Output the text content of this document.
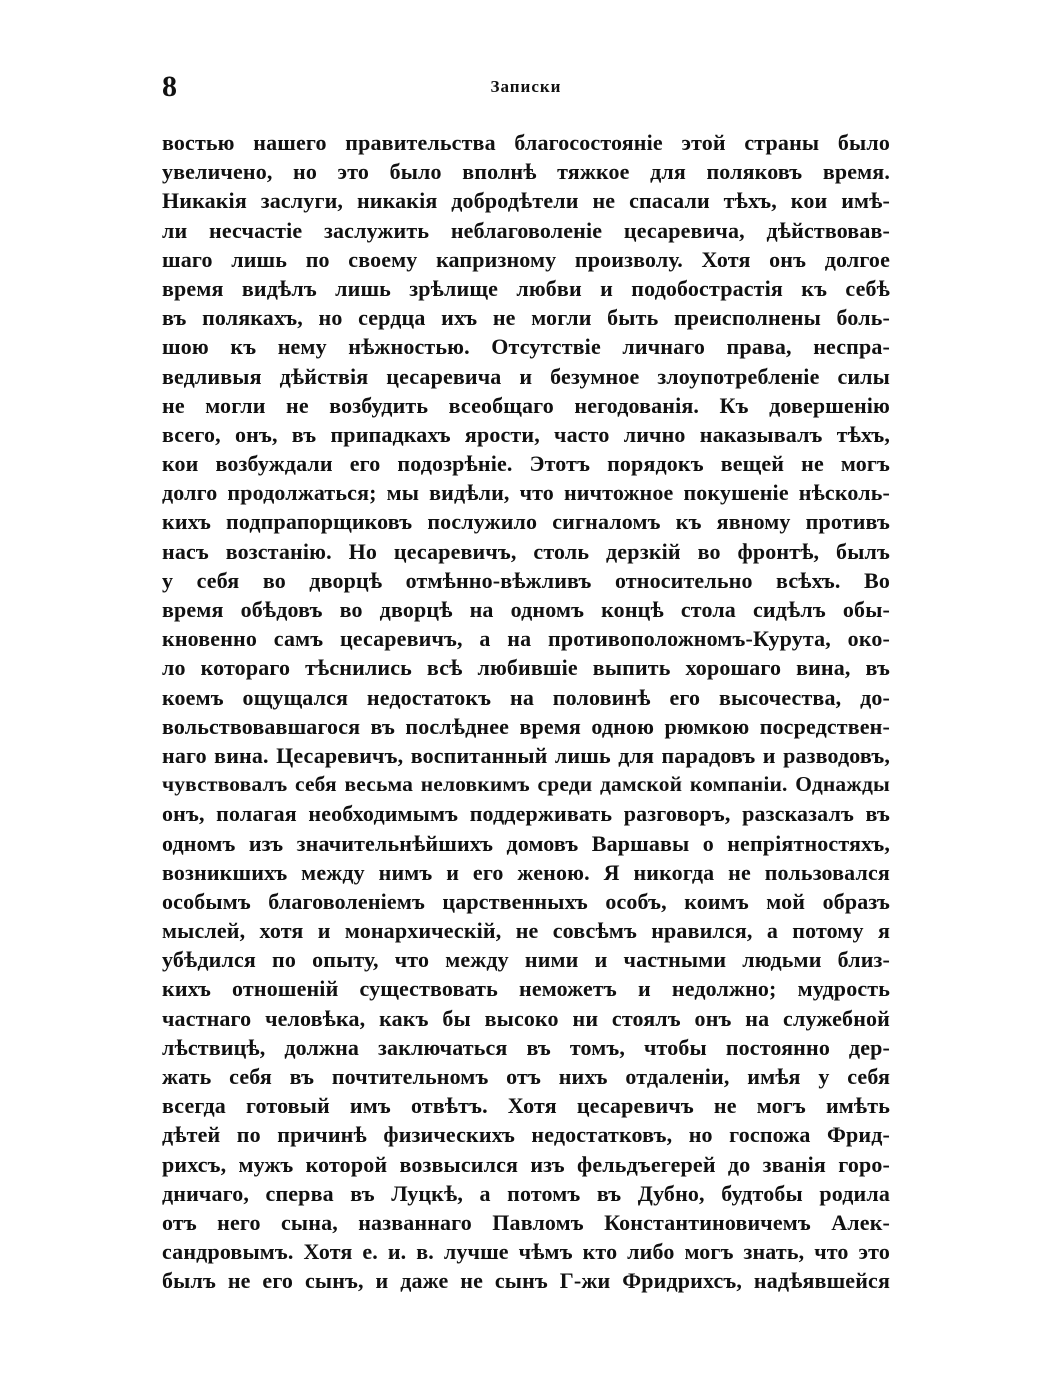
8	Записки
востью нашего правительства благосостояніе этой страны было
увеличено, но это было вполнѣ тяжкое для поляковъ время.
Никакія заслуги, никакія добродѣтели не спасали тѣхъ, кои имѣ-
ли несчастіе заслужить неблаговоленіе цесаревича, дѣйствовав-
шаго лишь по своему капризному произволу. Хотя онъ долгое
время видѣлъ лишь зрѣлище любви и подобострастія къ себѣ
въ полякахъ, но сердца ихъ не могли быть преисполнены боль-
шою къ нему нѣжностью. Отсутствіе личнаго права, неспра-
ведливыя дѣйствія цесаревича и безумное злоупотребленіе силы
не могли не возбудить всеобщаго негодованія. Къ довершенію
всего, онъ, въ припадкахъ ярости, часто лично наказывалъ тѣхъ,
кои возбуждали его подозрѣніе. Этотъ порядокъ вещей не могъ
долго продолжаться; мы видѣли, что ничтожное покушеніе нѣсколь-
кихъ подпрапорщиковъ послужило сигналомъ къ явному противъ
насъ возстанію. Но цесаревичъ, столь дерзкій во фронтѣ, былъ
у себя во дворцѣ отмѣнно-вѣжливъ относительно всѣхъ. Во
время обѣдовъ во дворцѣ на одномъ концѣ стола сидѣлъ обы-
кновенно самъ цесаревичъ, а на противоположномъ-Курута, око-
ло котораго тѣснились всѣ любившіе выпить хорошаго вина, въ
коемъ ощущался недостатокъ на половинѣ его высочества, до-
вольствовавшагося въ послѣднее время одною рюмкою посредствен-
наго вина. Цесаревичъ, воспитанный лишь для парадовъ и разводовъ,
чувствовалъ себя весьма неловкимъ среди дамской компаніи. Однажды
онъ, полагая необходимымъ поддерживать разговоръ, разсказалъ въ
одномъ изъ значительнѣйшихъ домовъ Варшавы о непріятностяхъ,
возникшихъ между нимъ и его женою. Я никогда не пользовался
особымъ благоволеніемъ царственныхъ особъ, коимъ мой образъ
мыслей, хотя и монархическій, не совсѣмъ нравился, а потому я
убѣдился по опыту, что между ними и частными людьми близ-
кихъ отношеній существовать неможетъ и недолжно; мудрость
частнаго человѣка, какъ бы высоко ни стоялъ онъ на служебной
лѣствицѣ, должна заключаться въ томъ, чтобы постоянно дер-
жать себя въ почтительномъ отъ нихъ отдаленіи, имѣя у себя
всегда готовый имъ отвѣтъ. Хотя цесаревичъ не могъ имѣть
дѣтей по причинѣ физическихъ недостатковъ, но госпожа Фрид-
рихсъ, мужъ которой возвысился изъ фельдъегерей до званія горо-
дничаго, сперва въ Луцкѣ, а потомъ въ Дубно, будтобы родила
отъ него сына, названнаго Павломъ Константиновичемъ Алек-
сандровымъ. Хотя е. и. в. лучше чѣмъ кто либо могъ знать, что это
былъ не его сынъ, и даже не сынъ Г-жи Фридрихсъ, надѣявшейся
